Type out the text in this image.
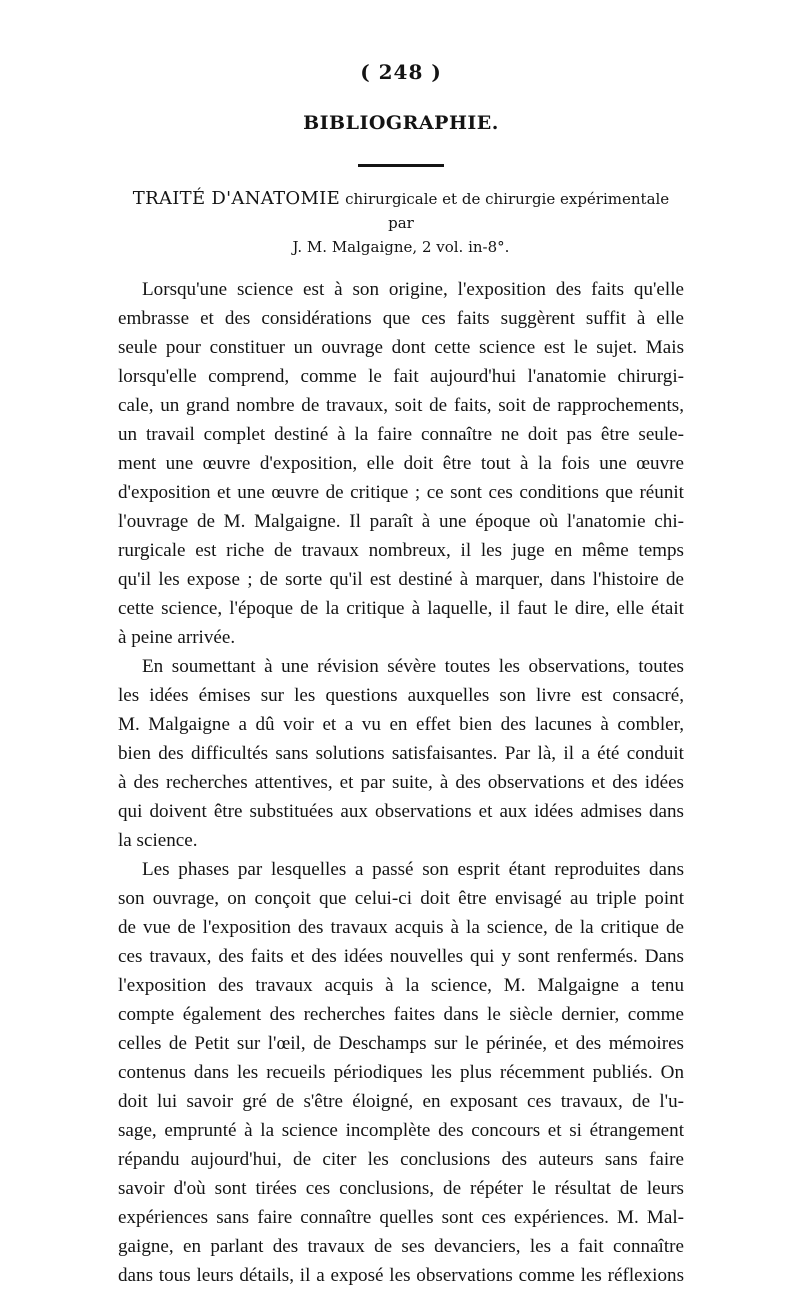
( 248 )
BIBLIOGRAPHIE.
TRAITÉ D'ANATOMIE chirurgicale et de chirurgie expérimentale par
J. M. Malgaigne, 2 vol. in-8°.

Lorsqu'une science est à son origine, l'exposition des faits qu'elle
embrasse et des considérations que ces faits suggèrent suffit à elle
seule pour constituer un ouvrage dont cette science est le sujet. Mais
lorsqu'elle comprend, comme le fait aujourd'hui l'anatomie chirurgi-
cale, un grand nombre de travaux, soit de faits, soit de rapprochements,
un travail complet destiné à la faire connaître ne doit pas être seule-
ment une œuvre d'exposition, elle doit être tout à la fois une œuvre
d'exposition et une œuvre de critique ; ce sont ces conditions que réunit
l'ouvrage de M. Malgaigne. Il paraît à une époque où l'anatomie chi-
rurgicale est riche de travaux nombreux, il les juge en même temps
qu'il les expose ; de sorte qu'il est destiné à marquer, dans l'histoire de
cette science, l'époque de la critique à laquelle, il faut le dire, elle était
à peine arrivée.

En soumettant à une révision sévère toutes les observations, toutes
les idées émises sur les questions auxquelles son livre est consacré,
M. Malgaigne a dû voir et a vu en effet bien des lacunes à combler,
bien des difficultés sans solutions satisfaisantes. Par là, il a été conduit
à des recherches attentives, et par suite, à des observations et des idées
qui doivent être substituées aux observations et aux idées admises dans
la science.

Les phases par lesquelles a passé son esprit étant reproduites dans
son ouvrage, on conçoit que celui-ci doit être envisagé au triple point
de vue de l'exposition des travaux acquis à la science, de la critique de
ces travaux, des faits et des idées nouvelles qui y sont renfermés. Dans
l'exposition des travaux acquis à la science, M. Malgaigne a tenu
compte également des recherches faites dans le siècle dernier, comme
celles de Petit sur l'œil, de Deschamps sur le périnée, et des mémoires
contenus dans les recueils périodiques les plus récemment publiés. On
doit lui savoir gré de s'être éloigné, en exposant ces travaux, de l'u-
sage, emprunté à la science incomplète des concours et si étrangement
répandu aujourd'hui, de citer les conclusions des auteurs sans faire
savoir d'où sont tirées ces conclusions, de répéter le résultat de leurs
expériences sans faire connaître quelles sont ces expériences. M. Mal-
gaigne, en parlant des travaux de ses devanciers, les a fait connaître
dans tous leurs détails, il a exposé les observations comme les réflexions
